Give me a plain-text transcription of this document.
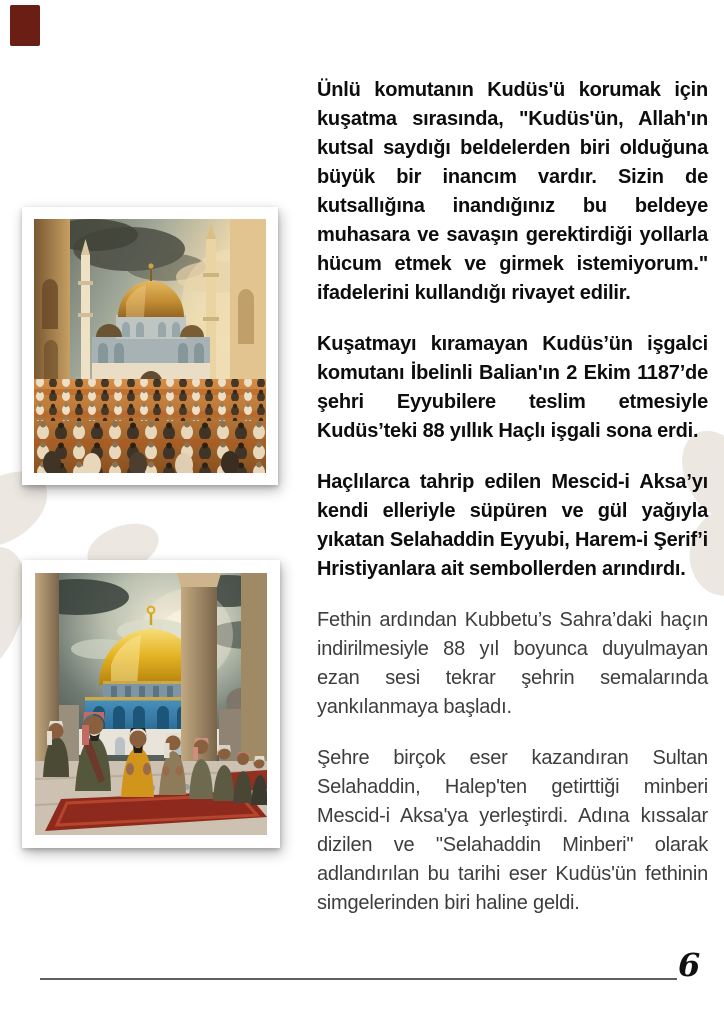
Ünlü komutanın Kudüs'ü korumak için kuşatma sırasında, "Kudüs'ün, Allah'ın kutsal saydığı beldelerden biri olduğuna büyük bir inancım vardır. Sizin de kutsallığına inandığınız bu beldeye muhasara ve savaşın gerektirdiği yollarla hücum etmek ve girmek istemiyorum." ifadelerini kullandığı rivayet edilir.

Kuşatmayı kıramayan Kudüs’ün işgalci komutanı İbelinli Balian'ın 2 Ekim 1187’de şehri Eyyubilere teslim etmesiyle Kudüs’teki 88 yıllık Haçlı işgali sona erdi.

Haçlılarca tahrip edilen Mescid-i Aksa’yı kendi elleriyle süpüren ve gül yağıyla yıkatan Selahaddin Eyyubi, Harem-i Şerif’i Hristiyanlara ait sembollerden arındırdı.

Fethin ardından Kubbetu’s Sahra’daki haçın indirilmesiyle 88 yıl boyunca duyulmayan ezan sesi tekrar şehrin semalarında yankılanmaya başladı.

Şehre birçok eser kazandıran Sultan Selahaddin, Halep'ten getirttiği minberi Mescid-i Aksa'ya yerleştirdi. Adına kıssalar dizilen ve "Selahaddin Minberi" olarak adlandırılan bu tarihi eser Kudüs'ün fethinin simgelerinden biri haline geldi.

6
